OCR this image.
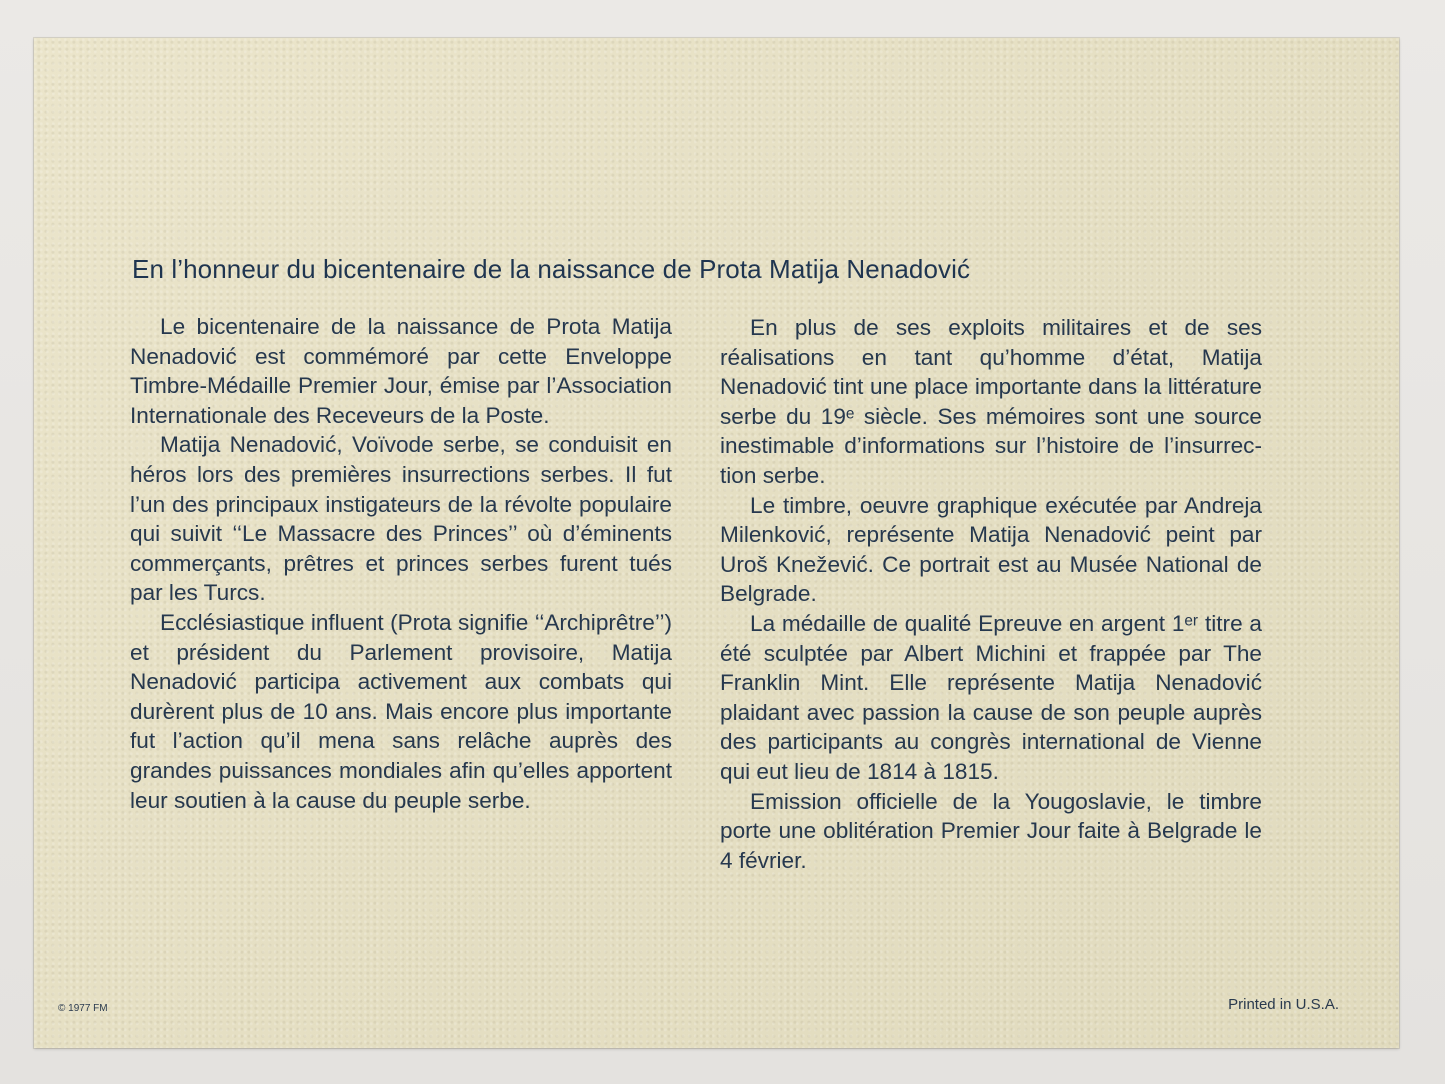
En l’honneur du bicentenaire de la naissance de Prota Matija Nenadović

Le bicentenaire de la naissance de Prota Matija Nenadović est commémoré par cette Enveloppe Timbre-Médaille Premier Jour, émise par l’Association Internationale des Receveurs de la Poste.

Matija Nenadović, Voïvode serbe, se conduisit en héros lors des premières insurrections serbes. Il fut l’un des principaux instigateurs de la révolte populaire qui suivit ‘‘Le Massacre des Princes’’ où d’éminents commerçants, prêtres et princes serbes furent tués par les Turcs.

Ecclésiastique influent (Prota signifie ‘‘Archiprêtre’’) et président du Parlement provisoire, Matija Nenadović participa activement aux combats qui durèrent plus de 10 ans. Mais encore plus importante fut l’action qu’il mena sans relâche auprès des grandes puissances mondiales afin qu’elles apportent leur soutien à la cause du peuple serbe.

En plus de ses exploits militaires et de ses réalisations en tant qu’homme d’état, Matija Nenadović tint une place importante dans la littérature serbe du 19ᵉ siècle. Ses mémoires sont une source inestimable d’informations sur l’histoire de l’insurrection serbe.

Le timbre, oeuvre graphique exécutée par Andreja Milenković, représente Matija Nenadović peint par Uroš Knežević. Ce portrait est au Musée National de Belgrade.

La médaille de qualité Epreuve en argent 1ᵉʳ titre a été sculptée par Albert Michini et frappée par The Franklin Mint. Elle représente Matija Nenadović plaidant avec passion la cause de son peuple auprès des participants au congrès international de Vienne qui eut lieu de 1814 à 1815.

Emission officielle de la Yougoslavie, le timbre porte une oblitération Premier Jour faite à Belgrade le 4 février.

© 1977 FM	Printed in U.S.A.
